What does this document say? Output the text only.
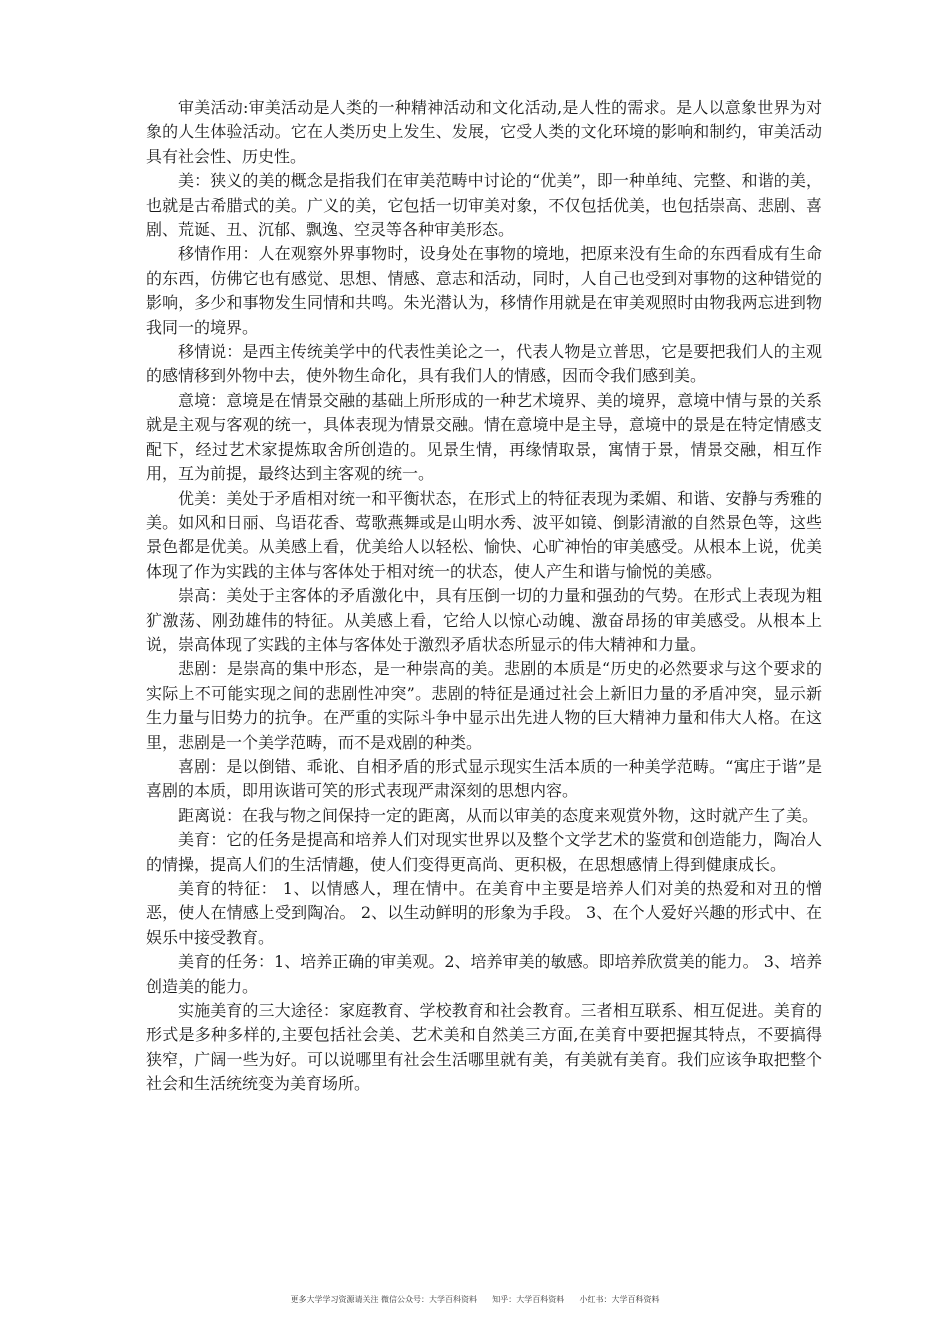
审美活动:审美活动是人类的一种精神活动和文化活动,是人性的需求。是人以意象世界为对象的人生体验活动。它在人类历史上发生、发展，它受人类的文化环境的影响和制约，审美活动具有社会性、历史性。

美：狭义的美的概念是指我们在审美范畴中讨论的“优美”，即一种单纯、完整、和谐的美，也就是古希腊式的美。广义的美，它包括一切审美对象，不仅包括优美，也包括崇高、悲剧、喜剧、荒诞、丑、沉郁、飘逸、空灵等各种审美形态。

移情作用：人在观察外界事物时，设身处在事物的境地，把原来没有生命的东西看成有生命的东西，仿佛它也有感觉、思想、情感、意志和活动，同时，人自己也受到对事物的这种错觉的影响，多少和事物发生同情和共鸣。朱光潜认为，移情作用就是在审美观照时由物我两忘进到物我同一的境界。

移情说：是西主传统美学中的代表性美论之一，代表人物是立普思，它是要把我们人的主观的感情移到外物中去，使外物生命化，具有我们人的情感，因而令我们感到美。

意境：意境是在情景交融的基础上所形成的一种艺术境界、美的境界，意境中情与景的关系就是主观与客观的统一，具体表现为情景交融。情在意境中是主导，意境中的景是在特定情感支配下，经过艺术家提炼取舍所创造的。见景生情，再缘情取景，寓情于景，情景交融，相互作用，互为前提，最终达到主客观的统一。

优美：美处于矛盾相对统一和平衡状态，在形式上的特征表现为柔媚、和谐、安静与秀雅的美。如风和日丽、鸟语花香、莺歌燕舞或是山明水秀、波平如镜、倒影清澈的自然景色等，这些景色都是优美。从美感上看，优美给人以轻松、愉快、心旷神怡的审美感受。从根本上说，优美体现了作为实践的主体与客体处于相对统一的状态，使人产生和谐与愉悦的美感。

崇高：美处于主客体的矛盾激化中，具有压倒一切的力量和强劲的气势。在形式上表现为粗犷激荡、刚劲雄伟的特征。从美感上看，它给人以惊心动魄、激奋昂扬的审美感受。从根本上说，崇高体现了实践的主体与客体处于激烈矛盾状态所显示的伟大精神和力量。

悲剧：是崇高的集中形态，是一种崇高的美。悲剧的本质是“历史的必然要求与这个要求的实际上不可能实现之间的悲剧性冲突”。悲剧的特征是通过社会上新旧力量的矛盾冲突，显示新生力量与旧势力的抗争。在严重的实际斗争中显示出先进人物的巨大精神力量和伟大人格。在这里，悲剧是一个美学范畴，而不是戏剧的种类。

喜剧：是以倒错、乖讹、自相矛盾的形式显示现实生活本质的一种美学范畴。“寓庄于谐”是喜剧的本质，即用诙谐可笑的形式表现严肃深刻的思想内容。

距离说：在我与物之间保持一定的距离，从而以审美的态度来观赏外物，这时就产生了美。

美育：它的任务是提高和培养人们对现实世界以及整个文学艺术的鉴赏和创造能力，陶冶人的情操，提高人们的生活情趣，使人们变得更高尚、更积极，在思想感情上得到健康成长。

美育的特征： 1、以情感人，理在情中。在美育中主要是培养人们对美的热爱和对丑的憎恶，使人在情感上受到陶冶。 2、以生动鲜明的形象为手段。 3、在个人爱好兴趣的形式中、在娱乐中接受教育。

美育的任务：1、培养正确的审美观。2、培养审美的敏感。即培养欣赏美的能力。 3、培养创造美的能力。

实施美育的三大途径：家庭教育、学校教育和社会教育。三者相互联系、相互促进。美育的形式是多种多样的,主要包括社会美、艺术美和自然美三方面,在美育中要把握其特点，不要搞得狭窄，广阔一些为好。可以说哪里有社会生活哪里就有美，有美就有美育。我们应该争取把整个社会和生活统统变为美育场所。

更多大学学习资源请关注 微信公众号：大学百科资料      知乎：大学百科资料      小红书：大学百科资料
